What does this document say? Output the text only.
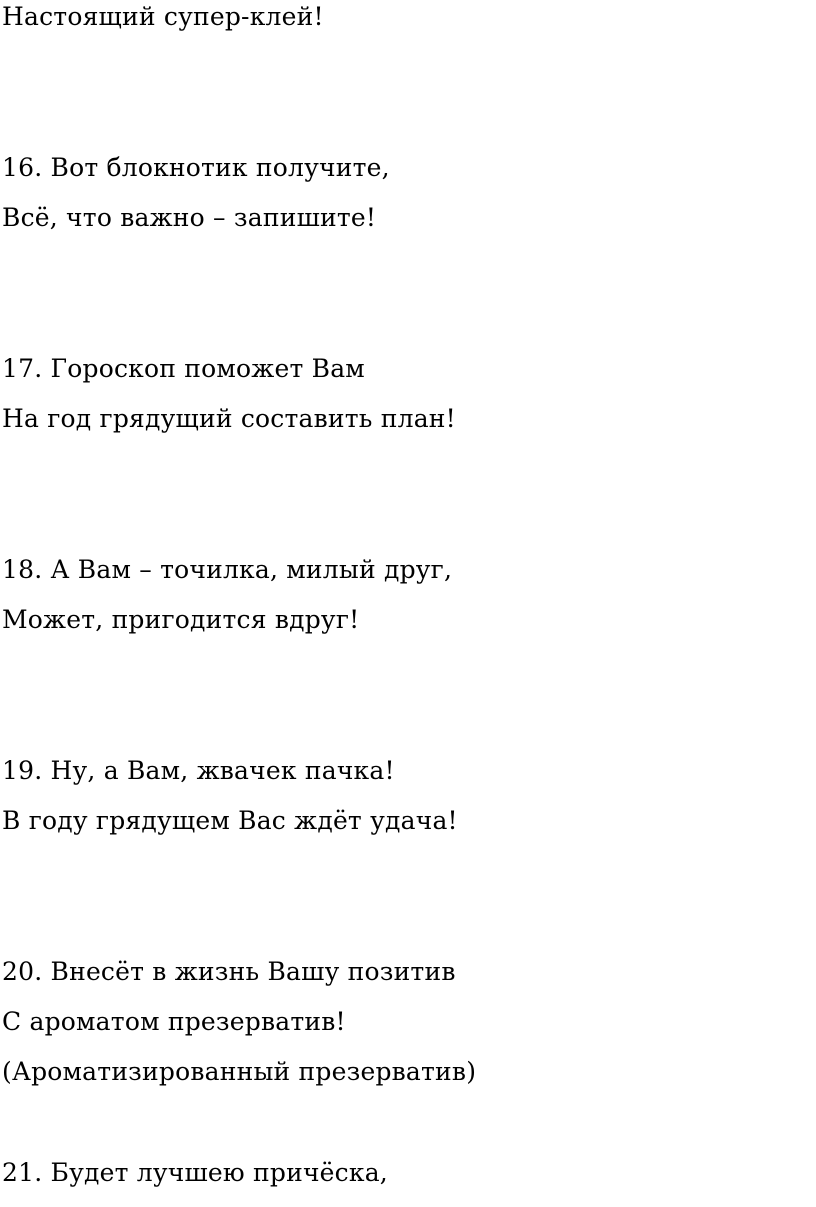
Настоящий супер-клей!
16. Вот блокнотик получите,
Всё, что важно – запишите!
17. Гороскоп поможет Вам
На год грядущий составить план!
18. А Вам – точилка, милый друг,
Может, пригодится вдруг!
19. Ну, а Вам, жвачек пачка!
В году грядущем Вас ждёт удача!
20. Внесёт в жизнь Вашу позитив
С ароматом презерватив!
(Ароматизированный презерватив)
21. Будет лучшею причёска,
